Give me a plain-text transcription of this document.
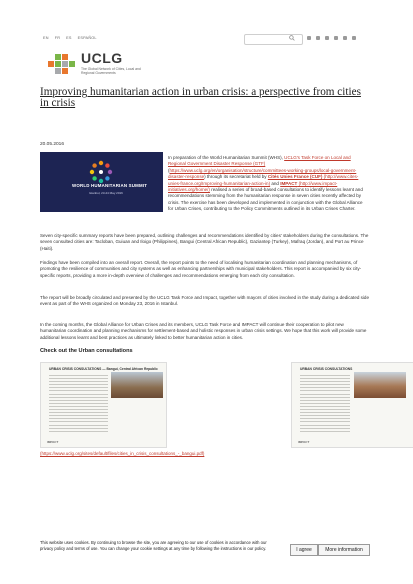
EN FR ES ESPAÑOL
UCLG
The Global Network of Cities, Local and Regional Governments
Improving humanitarian action in urban crisis: a perspective from cities in crisis
20.05.2016
WORLD HUMANITARIAN SUMMIT
Istanbul, 23-24 May 2016
In preparation of the World Humanitarian Summit (WHS), UCLG's Task Force on Local and Regional Government Disaster Response (GTF) (https://www.uclg.org/en/organisation/structure/committees-working-groups/local-government-disaster-response) through its secretariat held by Cités Unies France (CUF) (http://www.cites-unies-france.org/Improving-humanitarian-action-in) and IMPACT (http://www.impact-initiatives.org/home/) realised a series of broad-based consultations to identify lessons learnt and recommendations stemming from the humanitarian response in seven cities recently affected by crisis. The exercise has been developed and implemented in conjunction with the Global Alliance for Urban Crises, contributing to the Policy Commitments outlined in its Urban Crises Charter.

Seven city-specific summary reports have been prepared, outlining challenges and recommendations identified by cities' stakeholders during the consultations. The seven consulted cities are: Tacloban, Guiuan and Iloigo (Philippines), Bangui (Central African Republic), Gaziantep (Turkey), Mafraq (Jordan), and Port au Prince (Haiti).

Findings have been compiled into an overall report. Overall, the report points to the need of localising humanitarian coordination and planning mechanisms, of promoting the resilience of communities and city systems as well as enhancing partnerships with municipal stakeholders. This report is accompanied by six city-specific reports, providing a more in-depth overview of challenges and recommendations emerging from each city consultation.

The report will be broadly circulated and presented by the UCLG Task Force and Impact, together with mayors of cities involved in the study during a dedicated side event as part of the WHS organized on Monday 23, 2016 in Istanbul.

In the coming months, the Global Alliance for Urban Crises and its members, UCLG Task Force and IMPACT will continue their cooperation to pilot new humanitarian coordination and planning mechanisms for settlement-based and holistic responses in urban crisis settings. We hope that this work will provide some additional lessons learnt and best practices as ultimately linked to better humanitarian action in cities.

Check out the Urban consultations
URBAN CRISIS CONSULTATIONS — Bangui, Central African Republic
IMPACT
URBAN CRISIS CONSULTATIONS
IMPACT
(https://www.uclg.org/sites/default/files/cities_in_crisis_consultations_-_bangui.pdf)
This website uses cookies. By continuing to browse the site, you are agreeing to our use of cookies in accordance with our privacy policy and terms of use. You can change your cookie settings at any time by following the instructions in our policy.	I agree	More information
